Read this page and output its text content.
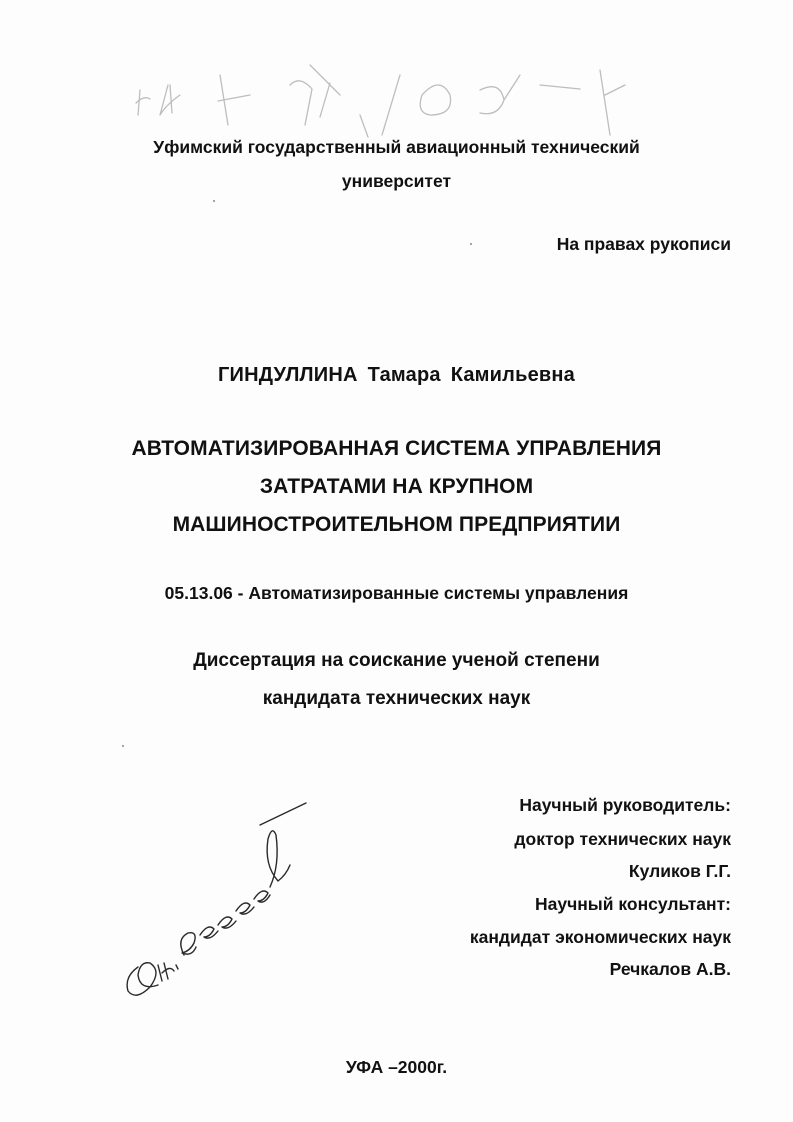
Уфимский государственный авиационный технический
университет
На правах рукописи
ГИНДУЛЛИНА Тамара Камильевна
АВТОМАТИЗИРОВАННАЯ СИСТЕМА УПРАВЛЕНИЯ
ЗАТРАТАМИ НА КРУПНОМ
МАШИНОСТРОИТЕЛЬНОМ ПРЕДПРИЯТИИ
05.13.06 - Автоматизированные системы управления
Диссертация на соискание ученой степени
кандидата технических наук
Научный руководитель:
доктор технических наук
Куликов Г.Г.
Научный консультант:
кандидат экономических наук
Речкалов А.В.
УФА –2000г.
